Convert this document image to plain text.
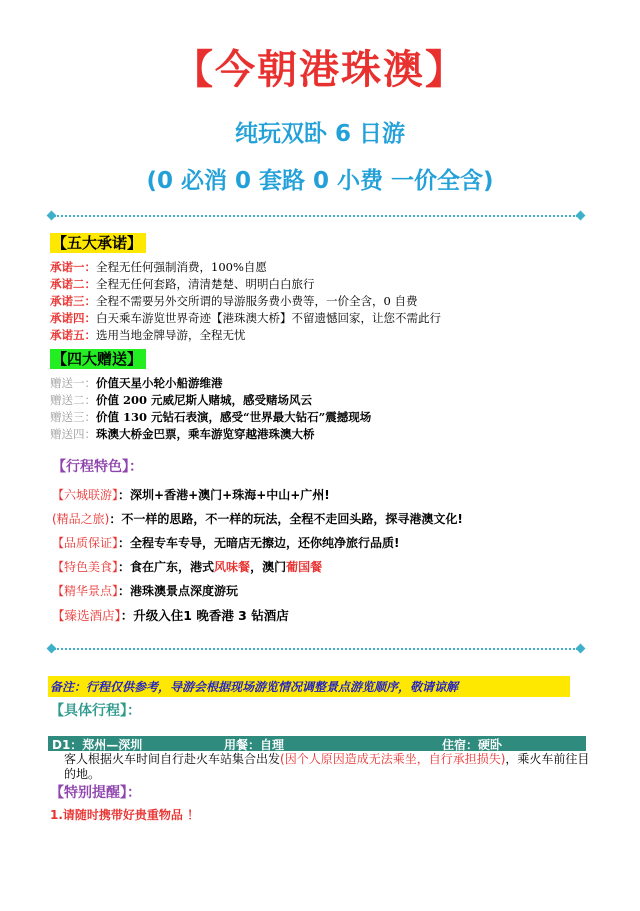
【今朝港珠澳】
纯玩双卧 6 日游
(0 必消 0 套路 0 小费 一价全含)
【五大承诺】
承诺一：全程无任何强制消费，100%自愿
承诺二：全程无任何套路，清清楚楚、明明白白旅行
承诺三：全程不需要另外交所谓的导游服务费小费等，一价全含，0 自费
承诺四：白天乘车游览世界奇迹【港珠澳大桥】不留遗憾回家，让您不需此行
承诺五：选用当地金牌导游，全程无忧
【四大赠送】
赠送一：价值天星小轮小船游维港
赠送二：价值 200 元威尼斯人赌城，感受赌场风云
赠送三：价值 130 元钻石表演，感受“世界最大钻石”震撼现场
赠送四：珠澳大桥金巴票，乘车游览穿越港珠澳大桥
【行程特色】：
【六城联游】：深圳+香港+澳门+珠海+中山+广州!
(精品之旅)：不一样的思路，不一样的玩法，全程不走回头路，探寻港澳文化!
【品质保证】：全程专车专导，无暗店无擦边，还你纯净旅行品质!
【特色美食】：食在广东，港式风味餐，澳门葡国餐
【精华景点】：港珠澳景点深度游玩
【臻选酒店】：升级入住1 晚香港 3 钻酒店
备注：行程仅供参考，导游会根据现场游览情况调整景点游览顺序，敬请谅解
【具体行程】：
D1：郑州—深圳	用餐：自理	住宿：硬卧
客人根据火车时间自行赴火车站集合出发(因个人原因造成无法乘坐，自行承担损失)，乘火车前往目的地。
【特别提醒】：
1.请随时携带好贵重物品 ！
